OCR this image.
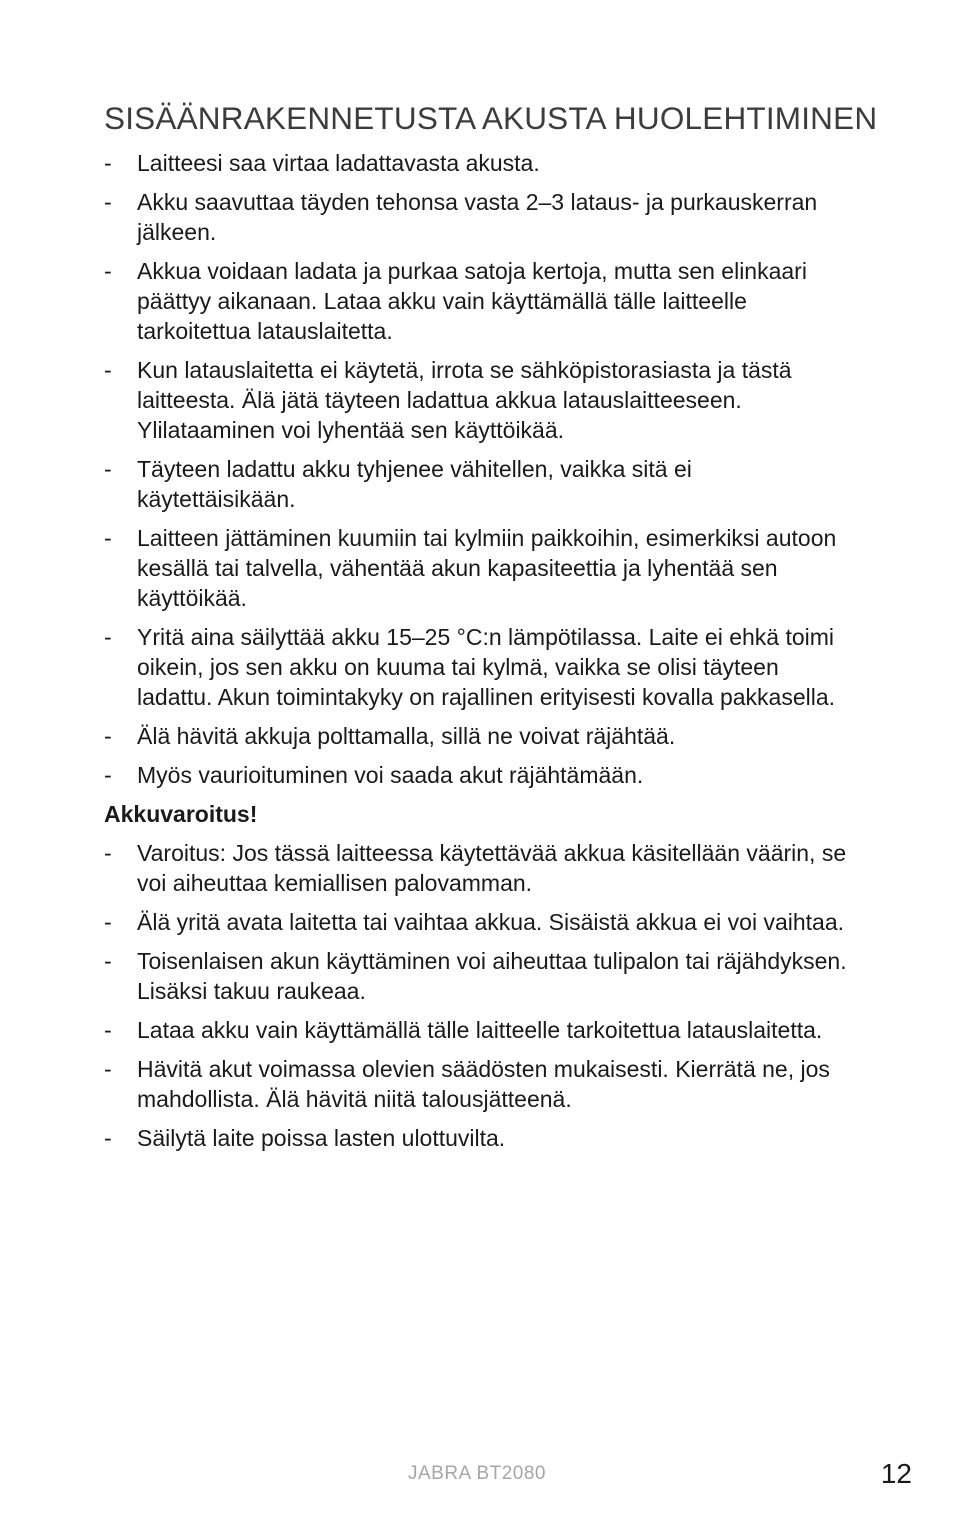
SISÄÄNRAKENNETUSTA AKUSTA HUOLEHTIMINEN
- Laitteesi saa virtaa ladattavasta akusta.
- Akku saavuttaa täyden tehonsa vasta 2–3 lataus- ja purkauskerran jälkeen.
- Akkua voidaan ladata ja purkaa satoja kertoja, mutta sen elinkaari päättyy aikanaan. Lataa akku vain käyttämällä tälle laitteelle tarkoitettua latauslaitetta.
- Kun latauslaitetta ei käytetä, irrota se sähköpistorasiasta ja tästä laitteesta. Älä jätä täyteen ladattua akkua latauslaitteeseen. Ylilataaminen voi lyhentää sen käyttöikää.
- Täyteen ladattu akku tyhjenee vähitellen, vaikka sitä ei käytettäisikään.
- Laitteen jättäminen kuumiin tai kylmiin paikkoihin, esimerkiksi autoon kesällä tai talvella, vähentää akun kapasiteettia ja lyhentää sen käyttöikää.
- Yritä aina säilyttää akku 15–25 °C:n lämpötilassa. Laite ei ehkä toimi oikein, jos sen akku on kuuma tai kylmä, vaikka se olisi täyteen ladattu. Akun toimintakyky on rajallinen erityisesti kovalla pakkasella.
- Älä hävitä akkuja polttamalla, sillä ne voivat räjähtää.
- Myös vaurioituminen voi saada akut räjähtämään.
Akkuvaroitus!
- Varoitus: Jos tässä laitteessa käytettävää akkua käsitellään väärin, se voi aiheuttaa kemiallisen palovamman.
- Älä yritä avata laitetta tai vaihtaa akkua. Sisäistä akkua ei voi vaihtaa.
- Toisenlaisen akun käyttäminen voi aiheuttaa tulipalon tai räjähdyksen. Lisäksi takuu raukeaa.
- Lataa akku vain käyttämällä tälle laitteelle tarkoitettua latauslaitetta.
- Hävitä akut voimassa olevien säädösten mukaisesti. Kierrätä ne, jos mahdollista. Älä hävitä niitä talousjätteenä.
- Säilytä laite poissa lasten ulottuvilta.
JABRA BT2080	12
